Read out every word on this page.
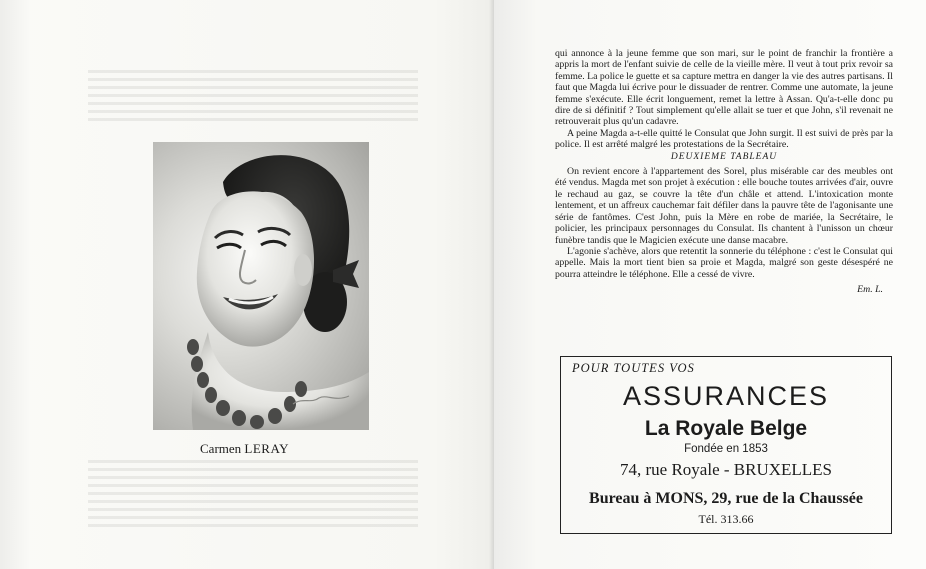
Carmen LERAY

qui annonce à la jeune femme que son mari, sur le point de franchir la frontière a appris la mort de l'enfant suivie de celle de la vieille mère. Il veut à tout prix revoir sa femme. La police le guette et sa capture mettra en danger la vie des autres partisans. Il faut que Magda lui écrive pour le dissuader de rentrer. Comme une automate, la jeune femme s'exécute. Elle écrit longuement, remet la lettre à Assan. Qu'a-t-elle donc pu dire de si définitif ? Tout simplement qu'elle allait se tuer et que John, s'il revenait ne retrouverait plus qu'un cadavre.

A peine Magda a-t-elle quitté le Consulat que John surgit. Il est suivi de près par la police. Il est arrêté malgré les protestations de la Secrétaire.

DEUXIEME TABLEAU

On revient encore à l'appartement des Sorel, plus misérable car des meubles ont été vendus. Magda met son projet à exécution : elle bouche toutes arrivées d'air, ouvre le rechaud au gaz, se couvre la tête d'un châle et attend. L'intoxication monte lentement, et un affreux cauchemar fait défiler dans la pauvre tête de l'agonisante une série de fantômes. C'est John, puis la Mère en robe de mariée, la Secrétaire, le policier, les principaux personnages du Consulat. Ils chantent à l'unisson un chœur funèbre tandis que le Magicien exécute une danse macabre.

L'agonie s'achève, alors que retentit la sonnerie du téléphone : c'est le Consulat qui appelle. Mais la mort tient bien sa proie et Magda, malgré son geste désespéré ne pourra atteindre le téléphone. Elle a cessé de vivre.

Em. L.

POUR TOUTES VOS
ASSURANCES
La Royale Belge
Fondée en 1853
74, rue Royale - BRUXELLES
Bureau à MONS, 29, rue de la Chaussée
Tél. 313.66
